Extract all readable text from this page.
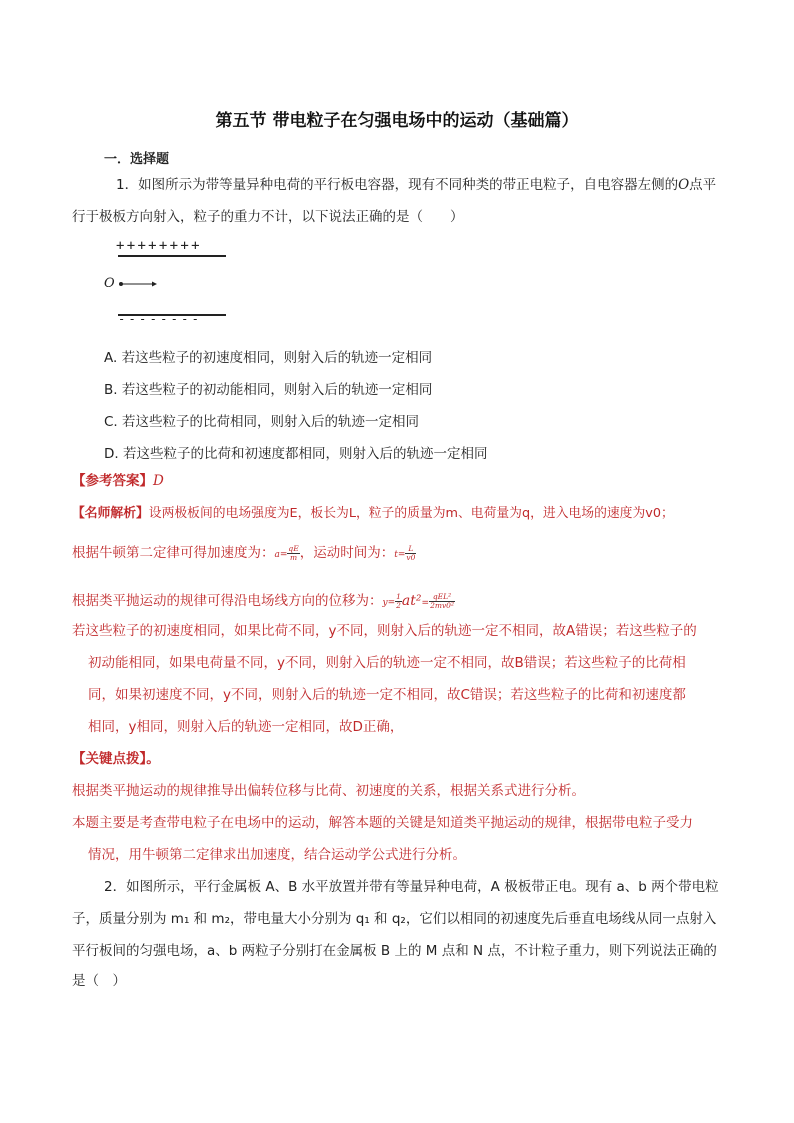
第五节 带电粒子在匀强电场中的运动（基础篇）
一．选择题
1．如图所示为带等量异种电荷的平行板电容器，现有不同种类的带正电粒子，自电容器左侧的O点平
行于极板方向射入，粒子的重力不计，以下说法正确的是（　　）
++++++++
O
--------
A. 若这些粒子的初速度相同，则射入后的轨迹一定相同
B. 若这些粒子的初动能相同，则射入后的轨迹一定相同
C. 若这些粒子的比荷相同，则射入后的轨迹一定相同
D. 若这些粒子的比荷和初速度都相同，则射入后的轨迹一定相同
【参考答案】D
【名师解析】设两极板间的电场强度为E，板长为L，粒子的质量为m、电荷量为q，进入电场的速度为v0；
根据牛顿第二定律可得加速度为：$a= \frac{qE}{m}$ ，运动时间为：$t= \frac{L}{v0}$
根据类平抛运动的规律可得沿电场线方向的位移为：$y= \frac{1}{2} at^2= \frac{\text{qEL²}}{\text{2mv0²}}$
若这些粒子的初速度相同，如果比荷不同，y不同，则射入后的轨迹一定不相同，故A错误；若这些粒子的
初动能相同，如果电荷量不同，y不同，则射入后的轨迹一定不相同，故B错误；若这些粒子的比荷相
同，如果初速度不同，y不同，则射入后的轨迹一定不相同，故C错误；若这些粒子的比荷和初速度都
相同，y相同，则射入后的轨迹一定相同，故D正确，
【关键点拨】。
根据类平抛运动的规律推导出偏转位移与比荷、初速度的关系，根据关系式进行分析。
本题主要是考查带电粒子在电场中的运动，解答本题的关键是知道类平抛运动的规律，根据带电粒子受力
情况，用牛顿第二定律求出加速度，结合运动学公式进行分析。
2．如图所示，平行金属板 A、B 水平放置并带有等量异种电荷，A 极板带正电。现有 a、b 两个带电粒
子，质量分别为 m₁ 和 m₂，带电量大小分别为 q₁ 和 q₂，它们以相同的初速度先后垂直电场线从同一点射入
平行板间的匀强电场，a、b 两粒子分别打在金属板 B 上的 M 点和 N 点，不计粒子重力，则下列说法正确的
是（　）
